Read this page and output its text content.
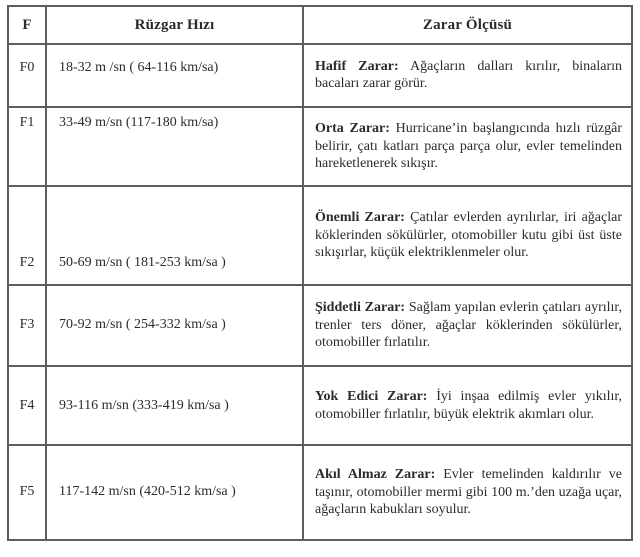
F	Rüzgar Hızı	Zarar Ölçüsü
F0	18-32 m /sn ( 64-116 km/sa)	Hafif Zarar: Ağaçların dalları kırılır, binaların bacaları zarar görür.
F1	33-49 m/sn (117-180 km/sa)	Orta Zarar: Hurricane’in başlangıcında hızlı rüzgâr belirir, çatı katları parça parça olur, evler temelinden hareketlenerek sıkışır.
F2	50-69 m/sn ( 181-253 km/sa )	Önemli Zarar: Çatılar evlerden ayrılırlar, iri ağaçlar köklerinden sökülürler, otomobiller kutu gibi üst üste sıkışırlar, küçük elektriklenmeler olur.
F3	70-92 m/sn ( 254-332 km/sa )	Şiddetli Zarar: Sağlam yapılan evlerin çatıları ayrılır, trenler ters döner, ağaçlar köklerinden sökülürler, otomobiller fırlatılır.
F4	93-116 m/sn (333-419 km/sa )	Yok Edici Zarar: İyi inşaa edilmiş evler yıkılır, otomobiller fırlatılır, büyük elektrik akımları olur.
F5	117-142 m/sn (420-512 km/sa )	Akıl Almaz Zarar: Evler temelinden kaldırılır ve taşınır, otomobiller mermi gibi 100 m.’den uzağa uçar, ağaçların kabukları soyulur.
